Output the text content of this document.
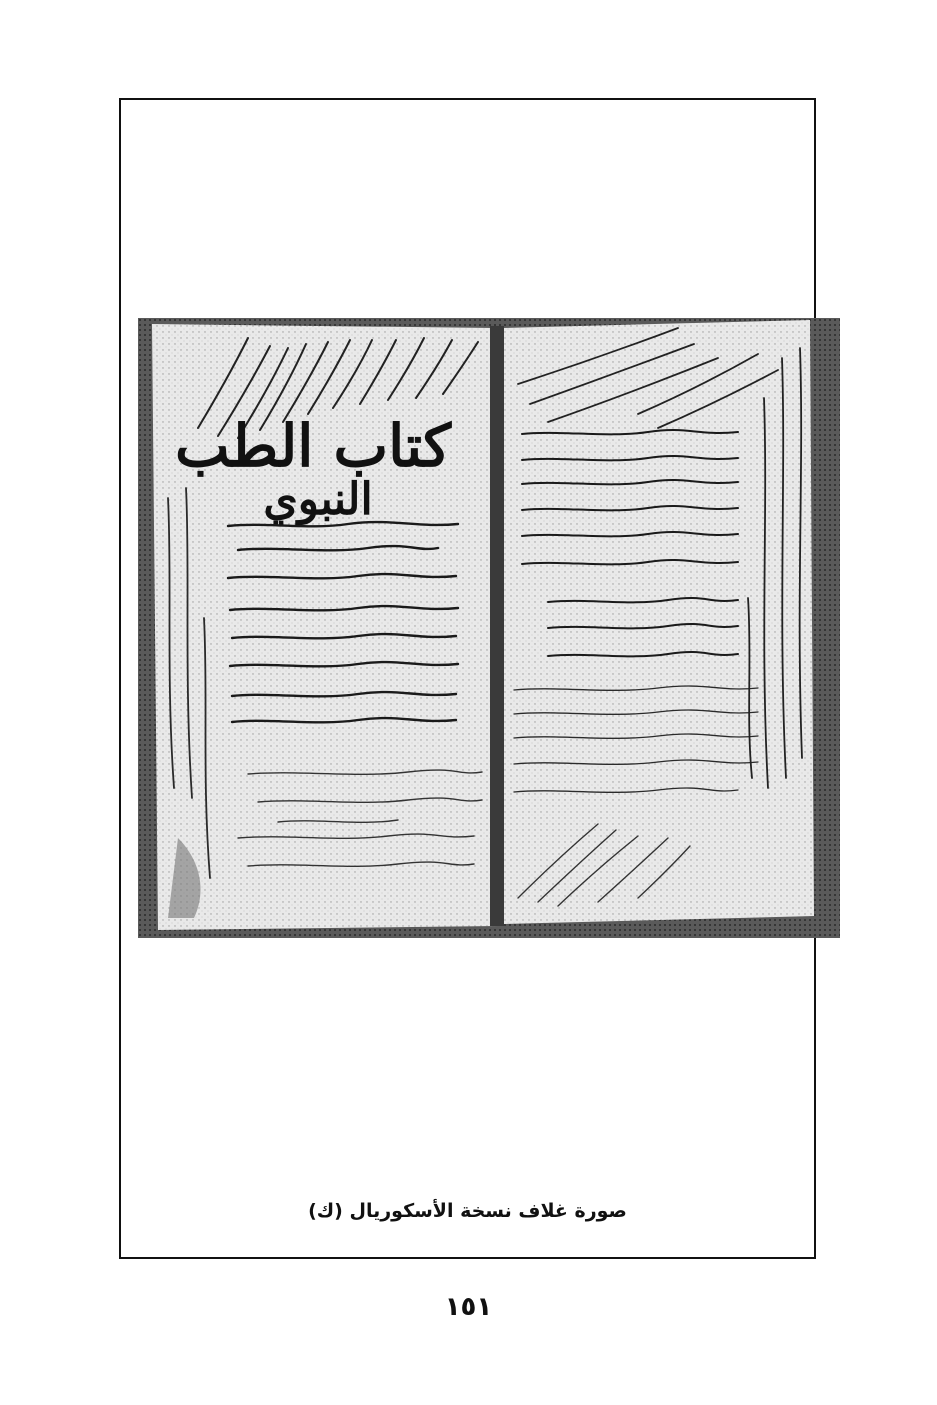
كتاب الطب
النبوي
صورة غلاف نسخة الأسكوريال (ك)
١٥١
